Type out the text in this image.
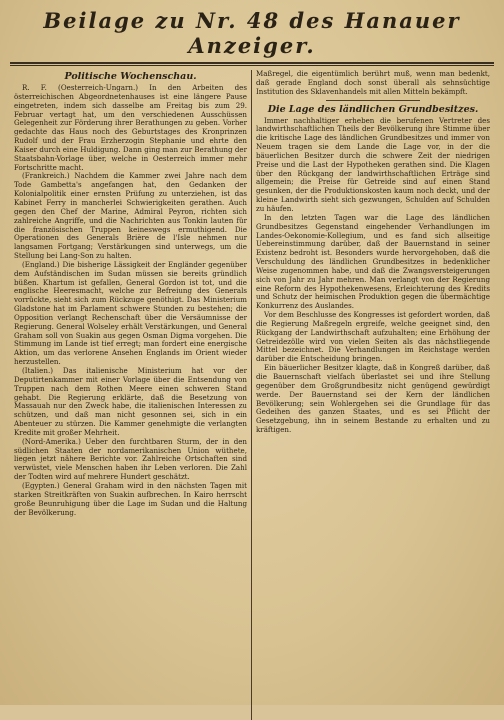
Beilage zu Nr. 48 des Hanauer Anzeiger.
Politische Wochenschau.

R. F. (Oesterreich-Ungarn.) In den Arbeiten des österreichischen Abgeordnetenhauses ist eine längere Pause eingetreten, indem sich dasselbe am Freitag bis zum 29. Februar vertagt hat, um den verschiedenen Ausschüssen Gelegenheit zur Förderung ihrer Berathungen zu geben. Vorher gedachte das Haus noch des Geburtstages des Kronprinzen Rudolf und der Frau Erzherzogin Stephanie und ehrte den Kaiser durch eine Huldigung. Dann ging man zur Berathung der Staatsbahn-Vorlage über, welche in Oesterreich immer mehr Fortschritte macht.

(Frankreich.) Nachdem die Kammer zwei Jahre nach dem Tode Gambetta's angefangen hat, den Gedanken der Kolonialpolitik einer ernsten Prüfung zu unterziehen, ist das Kabinet Ferry in mancherlei Schwierigkeiten gerathen. Auch gegen den Chef der Marine, Admiral Peyron, richten sich zahlreiche Angriffe, und die Nachrichten aus Tonkin lauten für die französischen Truppen keineswegs ermuthigend. Die Operationen des Generals Brière de l'Isle nehmen nur langsamen Fortgang; Verstärkungen sind unterwegs, um die Stellung bei Lang-Son zu halten.

(England.) Die bisherige Lässigkeit der Engländer gegenüber dem Aufständischen im Sudan müssen sie bereits gründlich büßen. Khartum ist gefallen, General Gordon ist tot, und die englische Heeresmacht, welche zur Befreiung des Generals vorrückte, sieht sich zum Rückzuge genöthigt. Das Ministerium Gladstone hat im Parlament schwere Stunden zu bestehen; die Opposition verlangt Rechenschaft über die Versäumnisse der Regierung. General Wolseley erhält Verstärkungen, und General Graham soll von Suakin aus gegen Osman Digma vorgehen. Die Stimmung im Lande ist tief erregt; man fordert eine energische Aktion, um das verlorene Ansehen Englands im Orient wieder herzustellen.

(Italien.) Das italienische Ministerium hat vor der Deputirtenkammer mit einer Vorlage über die Entsendung von Truppen nach dem Rothen Meere einen schweren Stand gehabt. Die Regierung erklärte, daß die Besetzung von Massauah nur den Zweck habe, die italienischen Interessen zu schützen, und daß man nicht gesonnen sei, sich in ein Abenteuer zu stürzen. Die Kammer genehmigte die verlangten Kredite mit großer Mehrheit.

(Nord-Amerika.) Ueber den furchtbaren Sturm, der in den südlichen Staaten der nordamerikanischen Union wüthete, liegen jetzt nähere Berichte vor. Zahlreiche Ortschaften sind verwüstet, viele Menschen haben ihr Leben verloren. Die Zahl der Todten wird auf mehrere Hundert geschätzt.

(Egypten.) General Graham wird in den nächsten Tagen mit starken Streitkräften von Suakin aufbrechen. In Kairo herrscht große Beunruhigung über die Lage im Sudan und die Haltung der Bevölkerung.

Maßregel, die eigentümlich berührt muß, wenn man bedenkt, daß gerade England doch sonst überall als sehnsüchtige Institution des Sklavenhandels mit allen Mitteln bekämpft.

Die Lage des ländlichen Grundbesitzes.

Immer nachhaltiger erheben die berufenen Vertreter des landwirthschaftlichen Theils der Bevölkerung ihre Stimme über die kritische Lage des ländlichen Grundbesitzes und immer von Neuem tragen sie dem Lande die Lage vor, in der die bäuerlichen Besitzer durch die schwere Zeit der niedrigen Preise und die Last der Hypotheken gerathen sind. Die Klagen über den Rückgang der landwirthschaftlichen Erträge sind allgemein; die Preise für Getreide sind auf einen Stand gesunken, der die Produktionskosten kaum noch deckt, und der kleine Landwirth sieht sich gezwungen, Schulden auf Schulden zu häufen.

In den letzten Tagen war die Lage des ländlichen Grundbesitzes Gegenstand eingehender Verhandlungen im Landes-Oekonomie-Kollegium, und es fand sich allseitige Uebereinstimmung darüber, daß der Bauernstand in seiner Existenz bedroht ist. Besonders wurde hervorgehoben, daß die Verschuldung des ländlichen Grundbesitzes in bedenklicher Weise zugenommen habe, und daß die Zwangsversteigerungen sich von Jahr zu Jahr mehren. Man verlangt von der Regierung eine Reform des Hypothekenwesens, Erleichterung des Kredits und Schutz der heimischen Produktion gegen die übermächtige Konkurrenz des Auslandes.

Vor dem Beschlusse des Kongresses ist gefordert worden, daß die Regierung Maßregeln ergreife, welche geeignet sind, den Rückgang der Landwirthschaft aufzuhalten; eine Erhöhung der Getreidezölle wird von vielen Seiten als das nächstliegende Mittel bezeichnet. Die Verhandlungen im Reichstage werden darüber die Entscheidung bringen.

Ein bäuerlicher Besitzer klagte, daß in Kongreß darüber, daß die Bauernschaft vielfach überlastet sei und ihre Stellung gegenüber dem Großgrundbesitz nicht genügend gewürdigt werde. Der Bauernstand sei der Kern der ländlichen Bevölkerung; sein Wohlergehen sei die Grundlage für das Gedeihen des ganzen Staates, und es sei Pflicht der Gesetzgebung, ihn in seinem Bestande zu erhalten und zu kräftigen.
